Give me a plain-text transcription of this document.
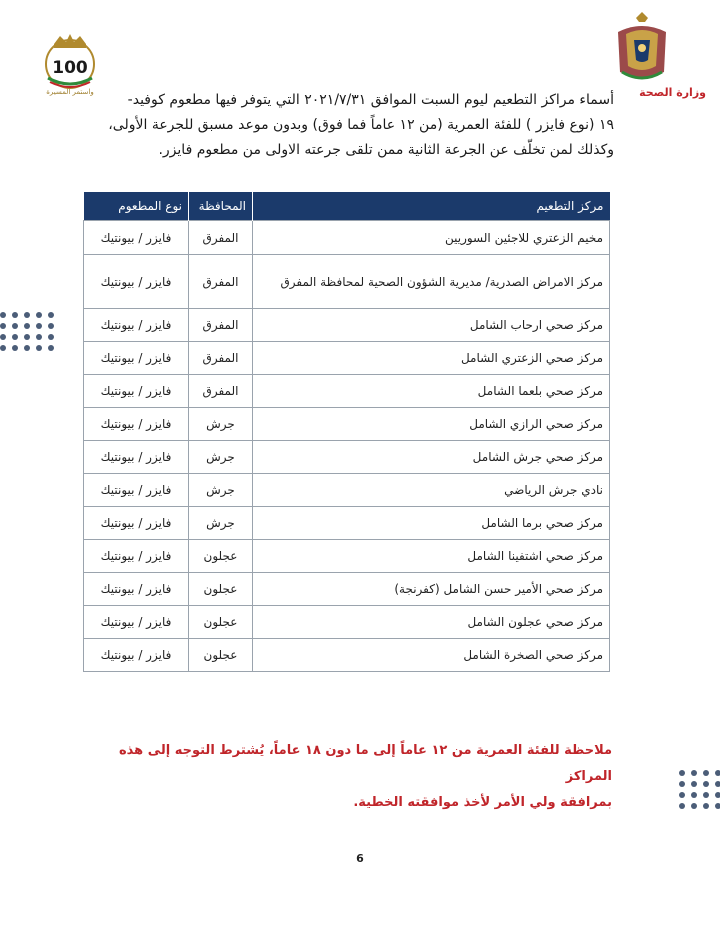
100
واستمر المسيرة	وزارة الصحة
أسماء مراكز التطعيم ليوم السبت الموافق ٢٠٢١/٧/٣١ التي يتوفر فيها مطعوم كوفيد-
١٩ (نوع فايزر ) للفئة العمرية (من ١٢ عاماً فما فوق) وبدون موعد مسبق للجرعة الأولى،
وكذلك لمن تخلّف عن الجرعة الثانية ممن تلقى جرعته الاولى من مطعوم فايزر.
مركز التطعيم	المحافظة	نوع المطعوم
مخيم الزعتري للاجئين السوريين	المفرق	فايزر / بيونتيك
مركز الامراض الصدرية/ مديرية الشؤون الصحية لمحافظة المفرق	المفرق	فايزر / بيونتيك
مركز صحي ارحاب الشامل	المفرق	فايزر / بيونتيك
مركز صحي الزعتري الشامل	المفرق	فايزر / بيونتيك
مركز صحي بلعما الشامل	المفرق	فايزر / بيونتيك
مركز صحي الرازي الشامل	جرش	فايزر / بيونتيك
مركز صحي جرش الشامل	جرش	فايزر / بيونتيك
نادي جرش الرياضي	جرش	فايزر / بيونتيك
مركز صحي برما الشامل	جرش	فايزر / بيونتيك
مركز صحي اشتفينا الشامل	عجلون	فايزر / بيونتيك
مركز صحي الأمير حسن الشامل (كفرنجة)	عجلون	فايزر / بيونتيك
مركز صحي عجلون الشامل	عجلون	فايزر / بيونتيك
مركز صحي الصخرة الشامل	عجلون	فايزر / بيونتيك
ملاحظة للفئة العمرية من ١٢ عاماً إلى ما دون ١٨ عاماً، يُشترط التوجه إلى هذه المراكز
بمرافقة ولي الأمر لأخذ موافقته الخطية.
6
